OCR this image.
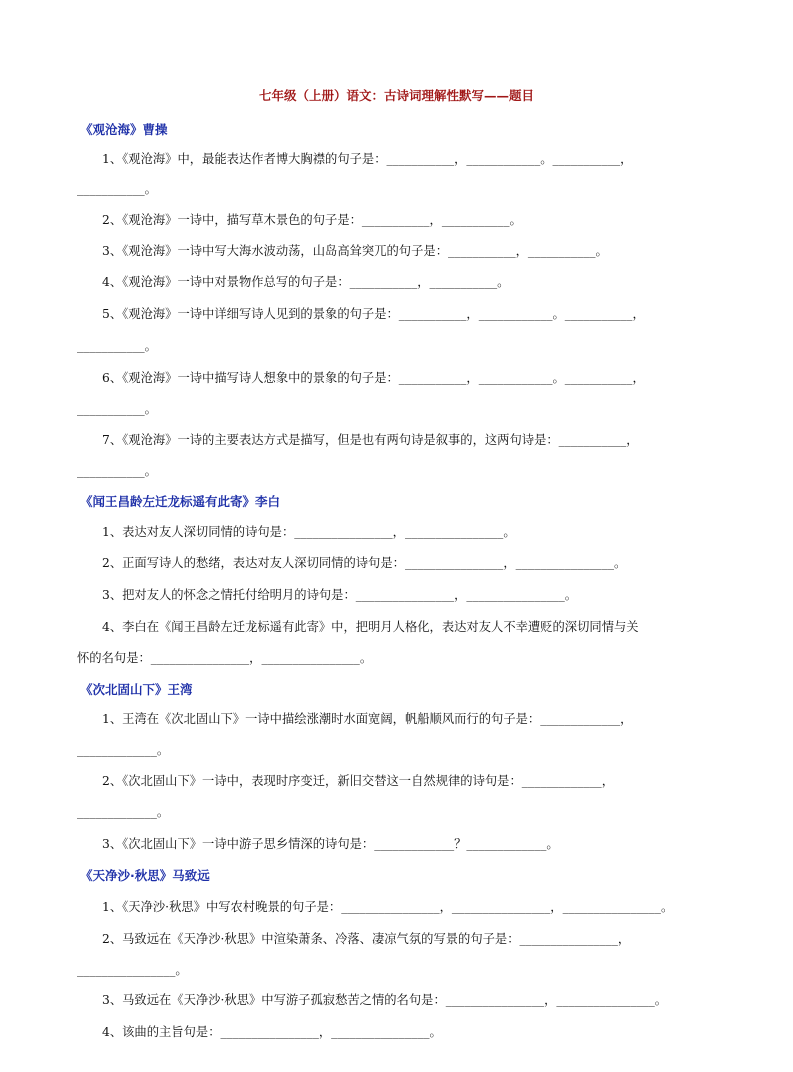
七年级（上册）语文：古诗词理解性默写——题目
《观沧海》曹操
1、《观沧海》中，最能表达作者博大胸襟的句子是：___________，____________。___________，
___________。
2、《观沧海》一诗中，描写草木景色的句子是：___________，___________。
3、《观沧海》一诗中写大海水波动荡，山岛高耸突兀的句子是：___________，___________。
4、《观沧海》一诗中对景物作总写的句子是：___________，___________。
5、《观沧海》一诗中详细写诗人见到的景象的句子是：___________，____________。___________，
___________。
6、《观沧海》一诗中描写诗人想象中的景象的句子是：___________，____________。___________，
___________。
7、《观沧海》一诗的主要表达方式是描写，但是也有两句诗是叙事的，这两句诗是：___________，
___________。
《闻王昌龄左迁龙标遥有此寄》李白
1、表达对友人深切同情的诗句是：________________，________________。
2、正面写诗人的愁绪，表达对友人深切同情的诗句是：________________，________________。
3、把对友人的怀念之情托付给明月的诗句是：________________，________________。
4、李白在《闻王昌龄左迁龙标遥有此寄》中，把明月人格化，表达对友人不幸遭贬的深切同情与关
怀的名句是：________________，________________。
《次北固山下》王湾
1、王湾在《次北固山下》一诗中描绘涨潮时水面宽阔，帆船顺风而行的句子是：_____________，
_____________。
2、《次北固山下》一诗中，表现时序变迁，新旧交替这一自然规律的诗句是：_____________，
_____________。
3、《次北固山下》一诗中游子思乡情深的诗句是：_____________？_____________。
《天净沙·秋思》马致远
1、《天净沙·秋思》中写农村晚景的句子是：________________，________________，________________。
2、马致远在《天净沙·秋思》中渲染萧条、冷落、凄凉气氛的写景的句子是：________________，
________________。
3、马致远在《天净沙·秋思》中写游子孤寂愁苦之情的名句是：________________，________________。
4、该曲的主旨句是：________________，________________。
